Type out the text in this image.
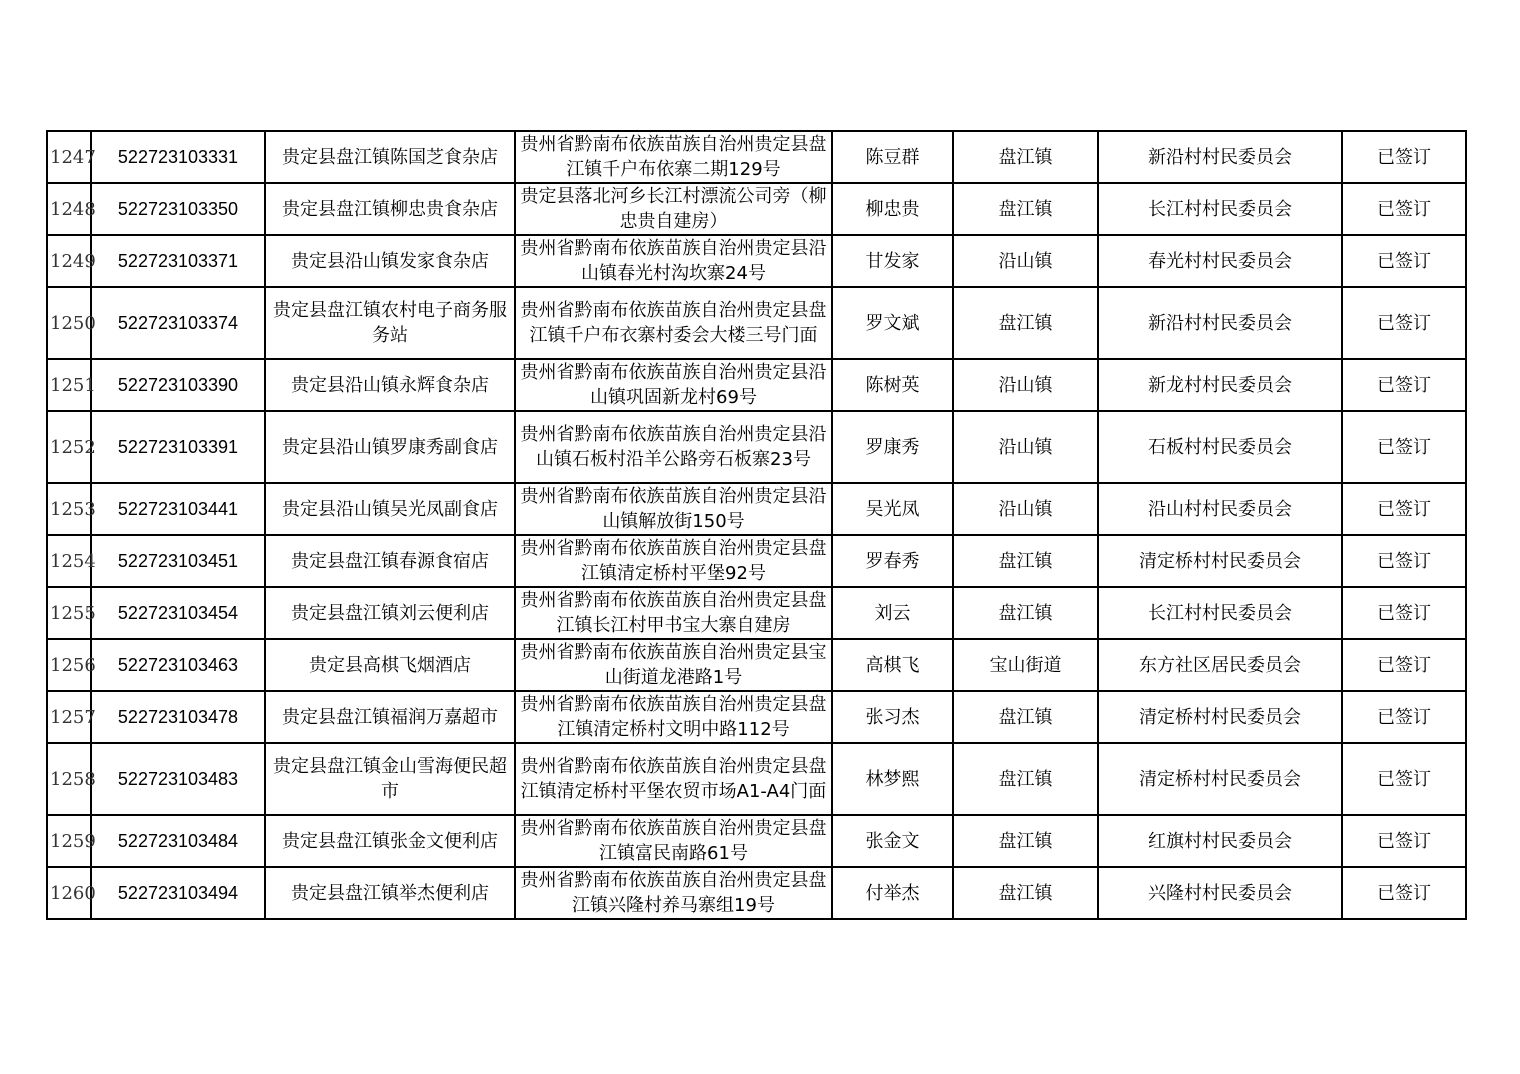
1247	522723103331	贵定县盘江镇陈国芝食杂店	贵州省黔南布依族苗族自治州贵定县盘江镇千户布依寨二期129号	陈豆群	盘江镇	新沿村村民委员会	已签订
1248	522723103350	贵定县盘江镇柳忠贵食杂店	贵定县落北河乡长江村漂流公司旁（柳忠贵自建房）	柳忠贵	盘江镇	长江村村民委员会	已签订
1249	522723103371	贵定县沿山镇发家食杂店	贵州省黔南布依族苗族自治州贵定县沿山镇春光村沟坎寨24号	甘发家	沿山镇	春光村村民委员会	已签订
1250	522723103374	贵定县盘江镇农村电子商务服务站	贵州省黔南布依族苗族自治州贵定县盘江镇千户布衣寨村委会大楼三号门面	罗文斌	盘江镇	新沿村村民委员会	已签订
1251	522723103390	贵定县沿山镇永辉食杂店	贵州省黔南布依族苗族自治州贵定县沿山镇巩固新龙村69号	陈树英	沿山镇	新龙村村民委员会	已签订
1252	522723103391	贵定县沿山镇罗康秀副食店	贵州省黔南布依族苗族自治州贵定县沿山镇石板村沿羊公路旁石板寨23号	罗康秀	沿山镇	石板村村民委员会	已签订
1253	522723103441	贵定县沿山镇吴光凤副食店	贵州省黔南布依族苗族自治州贵定县沿山镇解放街150号	吴光凤	沿山镇	沿山村村民委员会	已签订
1254	522723103451	贵定县盘江镇春源食宿店	贵州省黔南布依族苗族自治州贵定县盘江镇清定桥村平堡92号	罗春秀	盘江镇	清定桥村村民委员会	已签订
1255	522723103454	贵定县盘江镇刘云便利店	贵州省黔南布依族苗族自治州贵定县盘江镇长江村甲书宝大寨自建房	刘云	盘江镇	长江村村民委员会	已签订
1256	522723103463	贵定县高棋飞烟酒店	贵州省黔南布依族苗族自治州贵定县宝山街道龙港路1号	高棋飞	宝山街道	东方社区居民委员会	已签订
1257	522723103478	贵定县盘江镇福润万嘉超市	贵州省黔南布依族苗族自治州贵定县盘江镇清定桥村文明中路112号	张习杰	盘江镇	清定桥村村民委员会	已签订
1258	522723103483	贵定县盘江镇金山雪海便民超市	贵州省黔南布依族苗族自治州贵定县盘江镇清定桥村平堡农贸市场A1-A4门面	林梦熙	盘江镇	清定桥村村民委员会	已签订
1259	522723103484	贵定县盘江镇张金文便利店	贵州省黔南布依族苗族自治州贵定县盘江镇富民南路61号	张金文	盘江镇	红旗村村民委员会	已签订
1260	522723103494	贵定县盘江镇举杰便利店	贵州省黔南布依族苗族自治州贵定县盘江镇兴隆村养马寨组19号	付举杰	盘江镇	兴隆村村民委员会	已签订
